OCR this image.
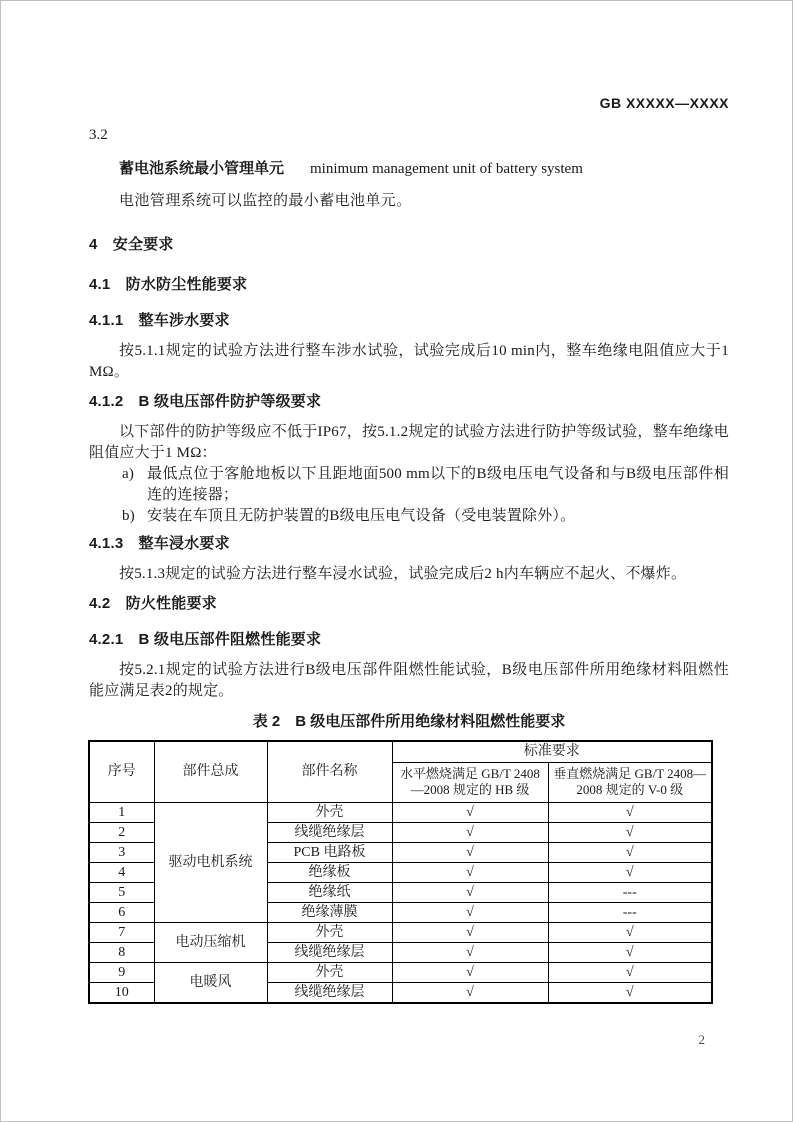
GB XXXXX—XXXX
3.2
蓄电池系统最小管理单元 minimum management unit of battery system
电池管理系统可以监控的最小蓄电池单元。
4　安全要求
4.1　防水防尘性能要求
4.1.1　整车涉水要求
按5.1.1规定的试验方法进行整车涉水试验，试验完成后10 min内，整车绝缘电阻值应大于1 MΩ。
4.1.2　B 级电压部件防护等级要求
以下部件的防护等级应不低于IP67，按5.1.2规定的试验方法进行防护等级试验，整车绝缘电阻值应大于1 MΩ：
a) 最低点位于客舱地板以下且距地面500 mm以下的B级电压电气设备和与B级电压部件相连的连接器；
b) 安装在车顶且无防护装置的B级电压电气设备（受电装置除外）。
4.1.3　整车浸水要求
按5.1.3规定的试验方法进行整车浸水试验，试验完成后2 h内车辆应不起火、不爆炸。
4.2　防火性能要求
4.2.1　B 级电压部件阻燃性能要求
按5.2.1规定的试验方法进行B级电压部件阻燃性能试验，B级电压部件所用绝缘材料阻燃性能应满足表2的规定。
表 2　B 级电压部件所用绝缘材料阻燃性能要求
序号	部件总成	部件名称	标准要求	
			水平燃烧满足 GB/T 2408—2008 规定的 HB 级	垂直燃烧满足 GB/T 2408—2008 规定的 V-0 级
1	驱动电机系统	外壳	√	√
2		线缆绝缘层	√	√
3		PCB 电路板	√	√
4		绝缘板	√	√
5		绝缘纸	√	---
6		绝缘薄膜	√	---
7	电动压缩机	外壳	√	√
8		线缆绝缘层	√	√
9	电暖风	外壳	√	√
10		线缆绝缘层	√	√
2
